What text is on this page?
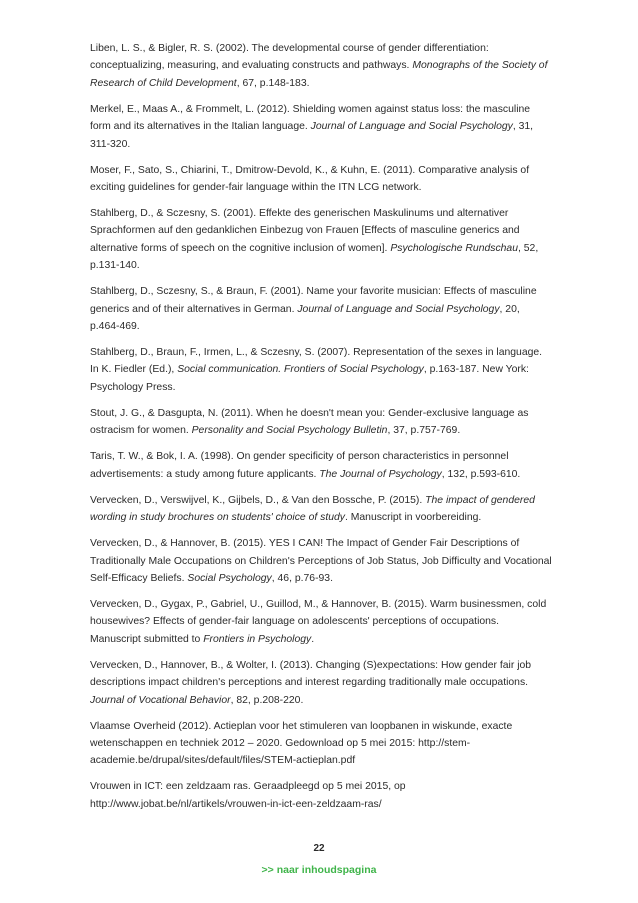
Liben, L. S., & Bigler, R. S. (2002). The developmental course of gender differentiation: conceptualizing, measuring, and evaluating constructs and pathways. Monographs of the Society of Research of Child Development, 67, p.148-183.

Merkel, E., Maas A., & Frommelt, L. (2012). Shielding women against status loss: the masculine form and its alternatives in the Italian language. Journal of Language and Social Psychology, 31, 311-320.

Moser, F., Sato, S., Chiarini, T., Dmitrow-Devold, K., & Kuhn, E. (2011). Comparative analysis of exciting guidelines for gender-fair language within the ITN LCG network.

Stahlberg, D., & Sczesny, S. (2001). Effekte des generischen Maskulinums und alternativer Sprachformen auf den gedanklichen Einbezug von Frauen [Effects of masculine generics and alternative forms of speech on the cognitive inclusion of women]. Psychologische Rundschau, 52, p.131-140.

Stahlberg, D., Sczesny, S., & Braun, F. (2001). Name your favorite musician: Effects of masculine generics and of their alternatives in German. Journal of Language and Social Psychology, 20, p.464-469.

Stahlberg, D., Braun, F., Irmen, L., & Sczesny, S. (2007). Representation of the sexes in language. In K. Fiedler (Ed.), Social communication. Frontiers of Social Psychology, p.163-187. New York: Psychology Press.

Stout, J. G., & Dasgupta, N. (2011). When he doesn't mean you: Gender-exclusive language as ostracism for women. Personality and Social Psychology Bulletin, 37, p.757-769.

Taris, T. W., & Bok, I. A. (1998). On gender specificity of person characteristics in personnel advertisements: a study among future applicants. The Journal of Psychology, 132, p.593-610.

Vervecken, D., Verswijvel, K., Gijbels, D., & Van den Bossche, P. (2015). The impact of gendered wording in study brochures on students' choice of study. Manuscript in voorbereiding.

Vervecken, D., & Hannover, B. (2015). YES I CAN! The Impact of Gender Fair Descriptions of Traditionally Male Occupations on Children's Perceptions of Job Status, Job Difficulty and Vocational Self-Efficacy Beliefs. Social Psychology, 46, p.76-93.

Vervecken, D., Gygax, P., Gabriel, U., Guillod, M., & Hannover, B. (2015). Warm businessmen, cold housewives? Effects of gender-fair language on adolescents' perceptions of occupations. Manuscript submitted to Frontiers in Psychology.

Vervecken, D., Hannover, B., & Wolter, I. (2013). Changing (S)expectations: How gender fair job descriptions impact children's perceptions and interest regarding traditionally male occupations. Journal of Vocational Behavior, 82, p.208-220.

Vlaamse Overheid (2012). Actieplan voor het stimuleren van loopbanen in wiskunde, exacte wetenschappen en techniek 2012 – 2020. Gedownload op 5 mei 2015: http://stem-academie.be/drupal/sites/default/files/STEM-actieplan.pdf

Vrouwen in ICT: een zeldzaam ras. Geraadpleegd op 5 mei 2015, op http://www.jobat.be/nl/artikels/vrouwen-in-ict-een-zeldzaam-ras/

22
>> naar inhoudspagina
